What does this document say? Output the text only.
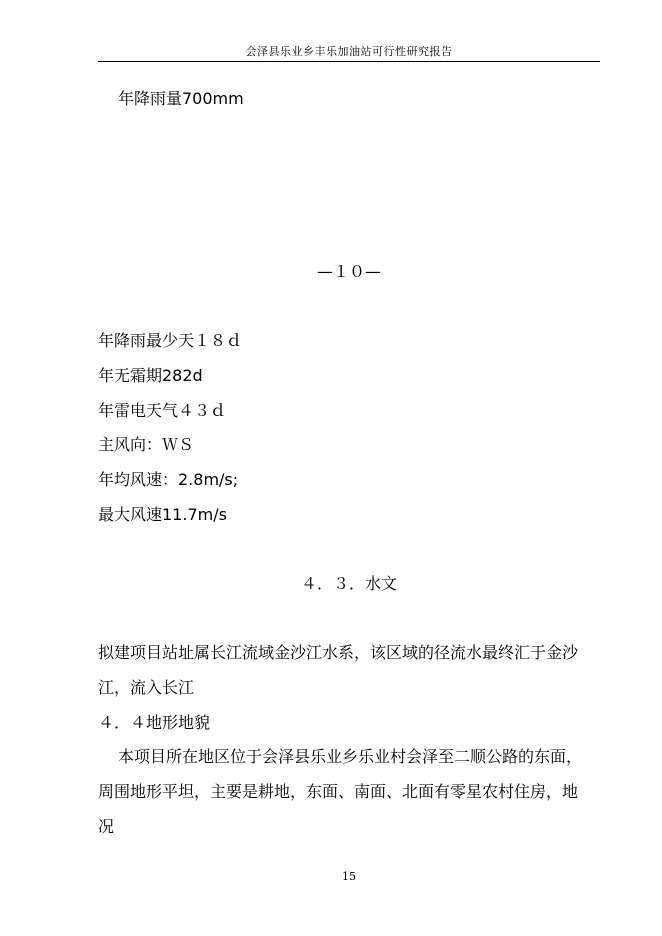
会泽县乐业乡丰乐加油站可行性研究报告
年降雨量700mm
—１０—
年降雨最少天１８ｄ
年无霜期282d
年雷电天气４３ｄ
主风向：ＷＳ
年均风速：2.8m/s;
最大风速11.7m/s
４．３．水文
拟建项目站址属长江流域金沙江水系，该区域的径流水最终汇于金沙
江，流入长江
４．４地形地貌
本项目所在地区位于会泽县乐业乡乐业村会泽至二顺公路的东面，
周围地形平坦，主要是耕地，东面、南面、北面有零星农村住房，地
况
15
